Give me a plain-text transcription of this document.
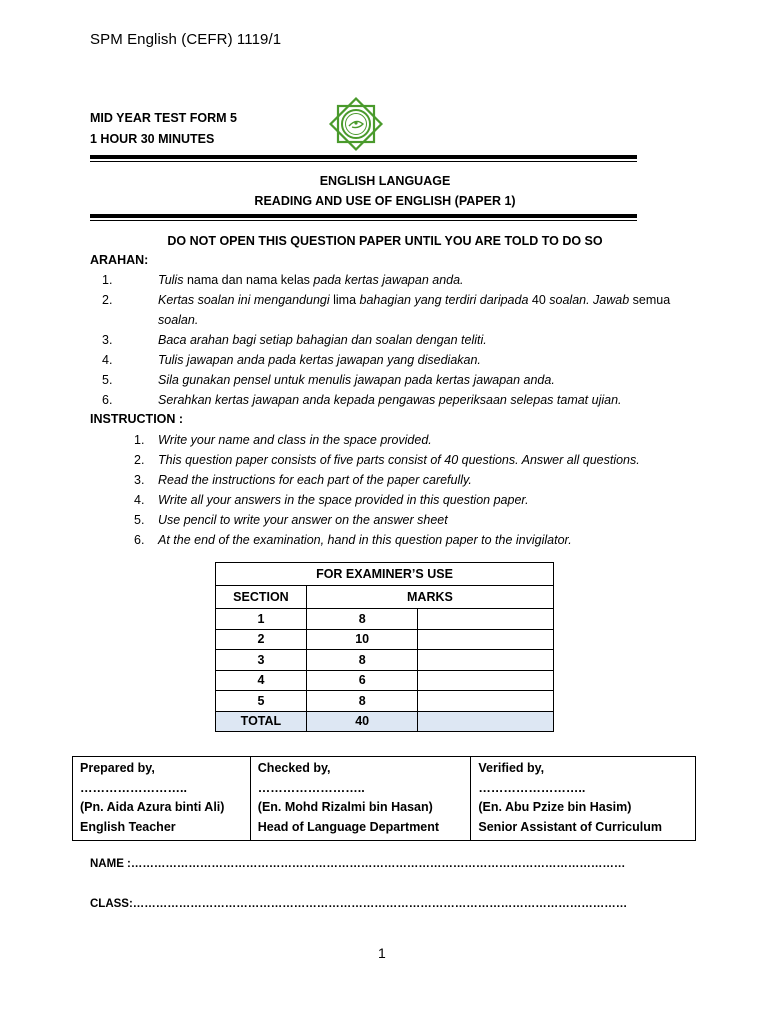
SPM English (CEFR) 1119/1
MID YEAR TEST FORM 5
1 HOUR 30 MINUTES
ENGLISH LANGUAGE
READING AND USE OF ENGLISH (PAPER 1)
DO NOT OPEN THIS QUESTION PAPER UNTIL YOU ARE TOLD TO DO SO
ARAHAN:
1.	Tulis nama dan nama kelas pada kertas jawapan anda.
2.	Kertas soalan ini mengandungi lima bahagian yang terdiri daripada 40 soalan. Jawab semua
soalan.
3.	Baca arahan bagi setiap bahagian dan soalan dengan teliti.
4.	Tulis jawapan anda pada kertas jawapan yang disediakan.
5.	Sila gunakan pensel untuk menulis jawapan pada kertas jawapan anda.
6.	Serahkan kertas jawapan anda kepada pengawas peperiksaan selepas tamat ujian.
INSTRUCTION :
1. Write your name and class in the space provided.
2. This question paper consists of five parts consist of 40 questions. Answer all questions.
3. Read the instructions for each part of the paper carefully.
4. Write all your answers in the space provided in this question paper.
5. Use pencil to write your answer on the answer sheet
6. At the end of the examination, hand in this question paper to the invigilator.
FOR EXAMINER’S USE		
SECTION	MARKS	
1	8	
2	10	
3	8	
4	6	
5	8	
TOTAL	40	
Prepared by,
……………………..
(Pn. Aida Azura binti Ali)
English Teacher

Checked by,
……………………..
(En. Mohd Rizalmi bin Hasan)
Head of Language Department

Verified by,
……………………..
(En. Abu Pzize bin Hasim)
Senior Assistant of Curriculum
NAME :…………………………………………………………………………………………………………………
CLASS:…………………………………………………………………………………………………………………
1
